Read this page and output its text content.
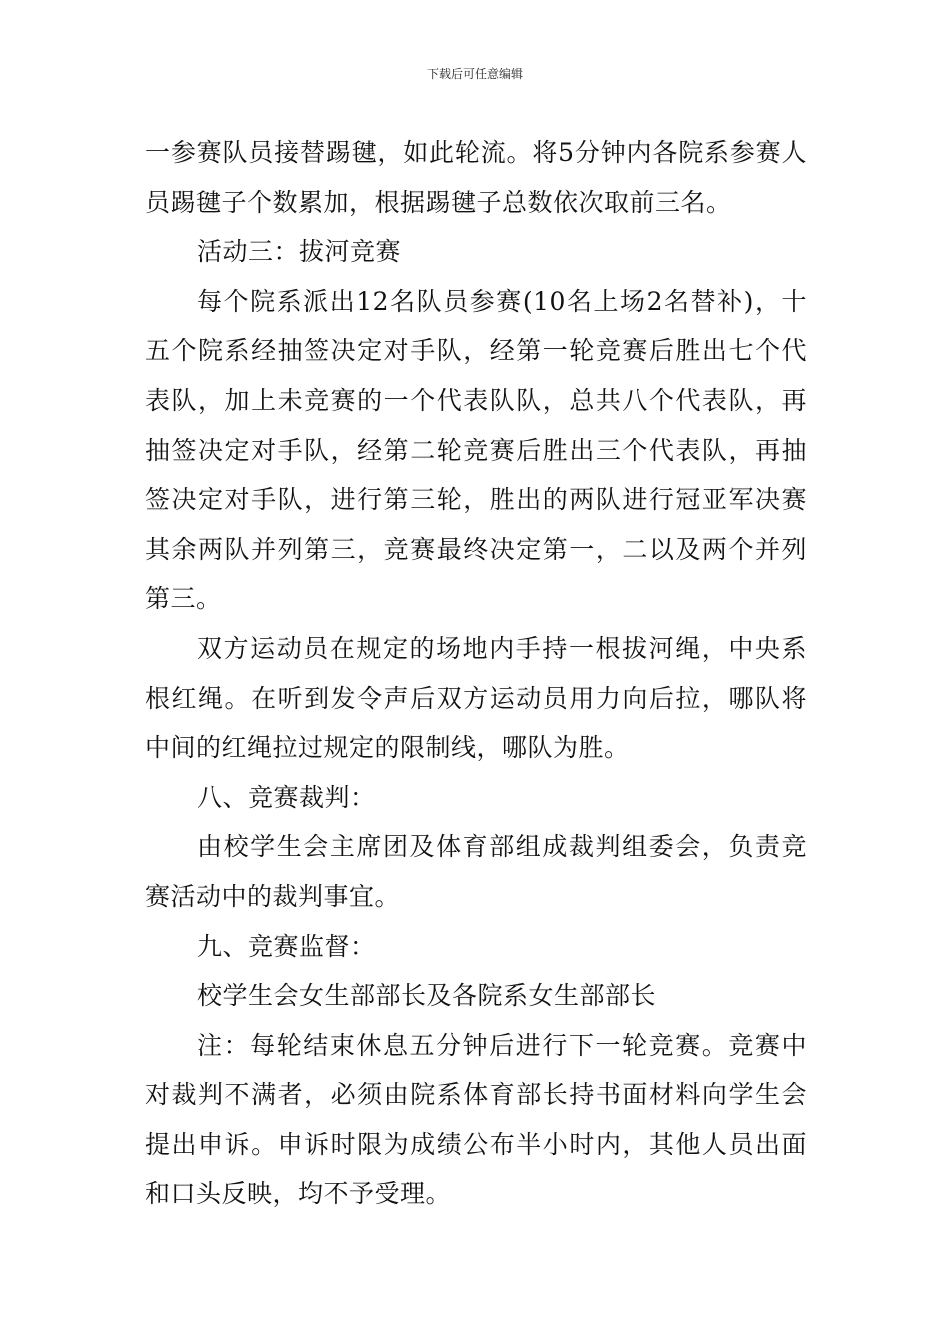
下载后可任意编辑

一参赛队员接替踢毽，如此轮流。将5分钟内各院系参赛人员踢毽子个数累加，根据踢毽子总数依次取前三名。

活动三：拔河竞赛

每个院系派出12名队员参赛(10名上场2名替补)，十五个院系经抽签决定对手队，经第一轮竞赛后胜出七个代表队，加上未竞赛的一个代表队队，总共八个代表队，再抽签决定对手队，经第二轮竞赛后胜出三个代表队，再抽签决定对手队，进行第三轮，胜出的两队进行冠亚军决赛其余两队并列第三，竞赛最终决定第一，二以及两个并列第三。

双方运动员在规定的场地内手持一根拔河绳，中央系根红绳。在听到发令声后双方运动员用力向后拉，哪队将中间的红绳拉过规定的限制线，哪队为胜。

八、竞赛裁判：

由校学生会主席团及体育部组成裁判组委会，负责竞赛活动中的裁判事宜。

九、竞赛监督：

校学生会女生部部长及各院系女生部部长

注：每轮结束休息五分钟后进行下一轮竞赛。竞赛中对裁判不满者，必须由院系体育部长持书面材料向学生会提出申诉。申诉时限为成绩公布半小时内，其他人员出面和口头反映，均不予受理。
